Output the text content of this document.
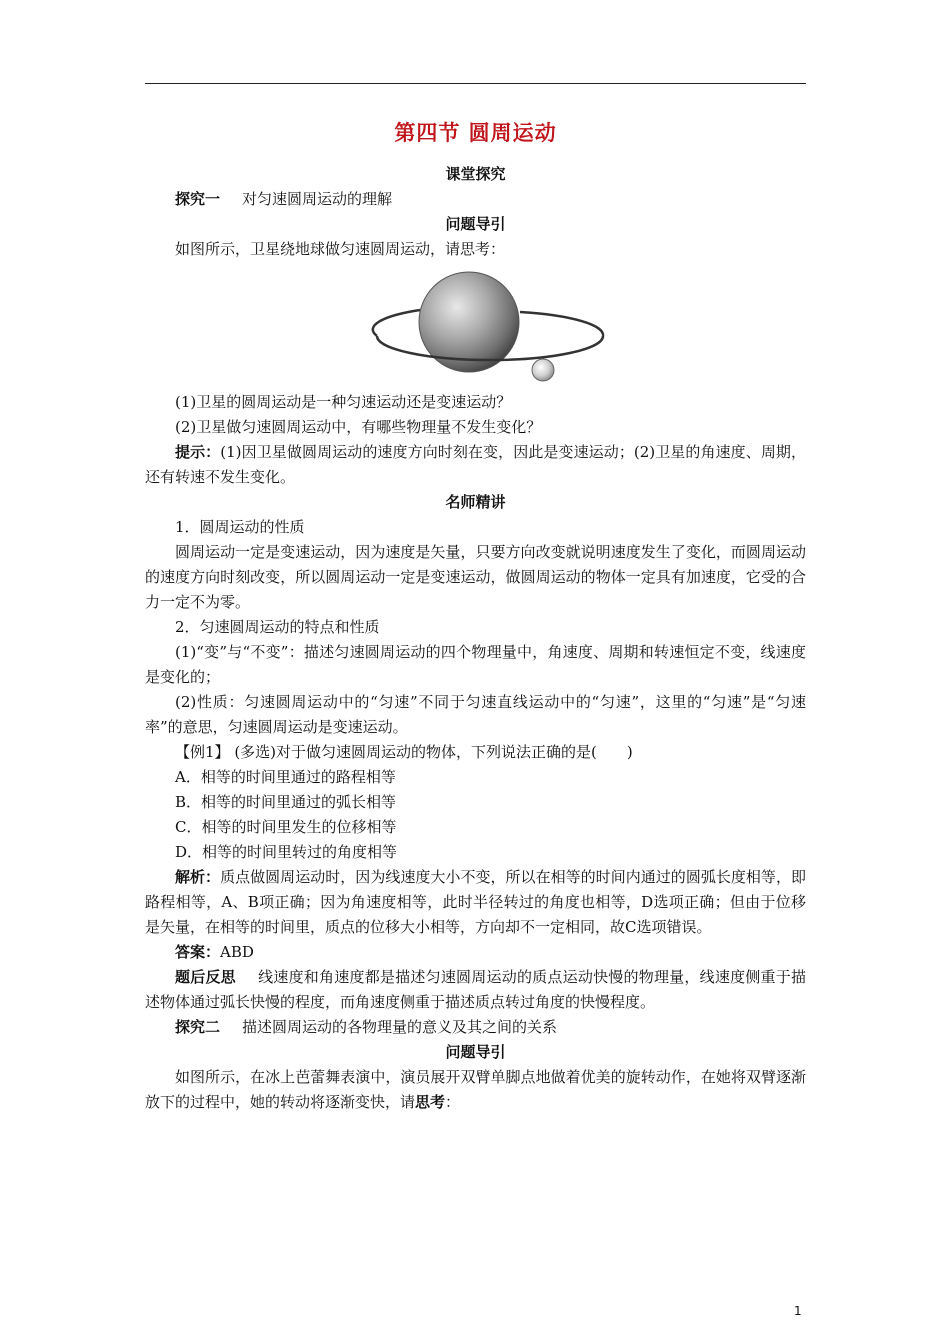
第四节 圆周运动
课堂探究

探究一 对匀速圆周运动的理解

问题导引

如图所示，卫星绕地球做匀速圆周运动，请思考：

(1)卫星的圆周运动是一种匀速运动还是变速运动？

(2)卫星做匀速圆周运动中，有哪些物理量不发生变化？

提示：(1)因卫星做圆周运动的速度方向时刻在变，因此是变速运动；(2)卫星的角速度、周期，还有转速不发生变化。

名师精讲

1．圆周运动的性质

圆周运动一定是变速运动，因为速度是矢量，只要方向改变就说明速度发生了变化，而圆周运动的速度方向时刻改变，所以圆周运动一定是变速运动，做圆周运动的物体一定具有加速度，它受的合力一定不为零。

2．匀速圆周运动的特点和性质

(1)“变”与“不变”：描述匀速圆周运动的四个物理量中，角速度、周期和转速恒定不变，线速度是变化的；

(2)性质：匀速圆周运动中的“匀速”不同于匀速直线运动中的“匀速”，这里的“匀速”是“匀速率”的意思，匀速圆周运动是变速运动。

【例1】 (多选)对于做匀速圆周运动的物体，下列说法正确的是(　　)

A．相等的时间里通过的路程相等

B．相等的时间里通过的弧长相等

C．相等的时间里发生的位移相等

D．相等的时间里转过的角度相等

解析：质点做圆周运动时，因为线速度大小不变，所以在相等的时间内通过的圆弧长度相等，即路程相等，A、B项正确；因为角速度相等，此时半径转过的角度也相等，D选项正确；但由于位移是矢量，在相等的时间里，质点的位移大小相等，方向却不一定相同，故C选项错误。

答案：ABD

题后反思 线速度和角速度都是描述匀速圆周运动的质点运动快慢的物理量，线速度侧重于描述物体通过弧长快慢的程度，而角速度侧重于描述质点转过角度的快慢程度。

探究二 描述圆周运动的各物理量的意义及其之间的关系

问题导引

如图所示，在冰上芭蕾舞表演中，演员展开双臂单脚点地做着优美的旋转动作，在她将双臂逐渐放下的过程中，她的转动将逐渐变快，请思考：

1
